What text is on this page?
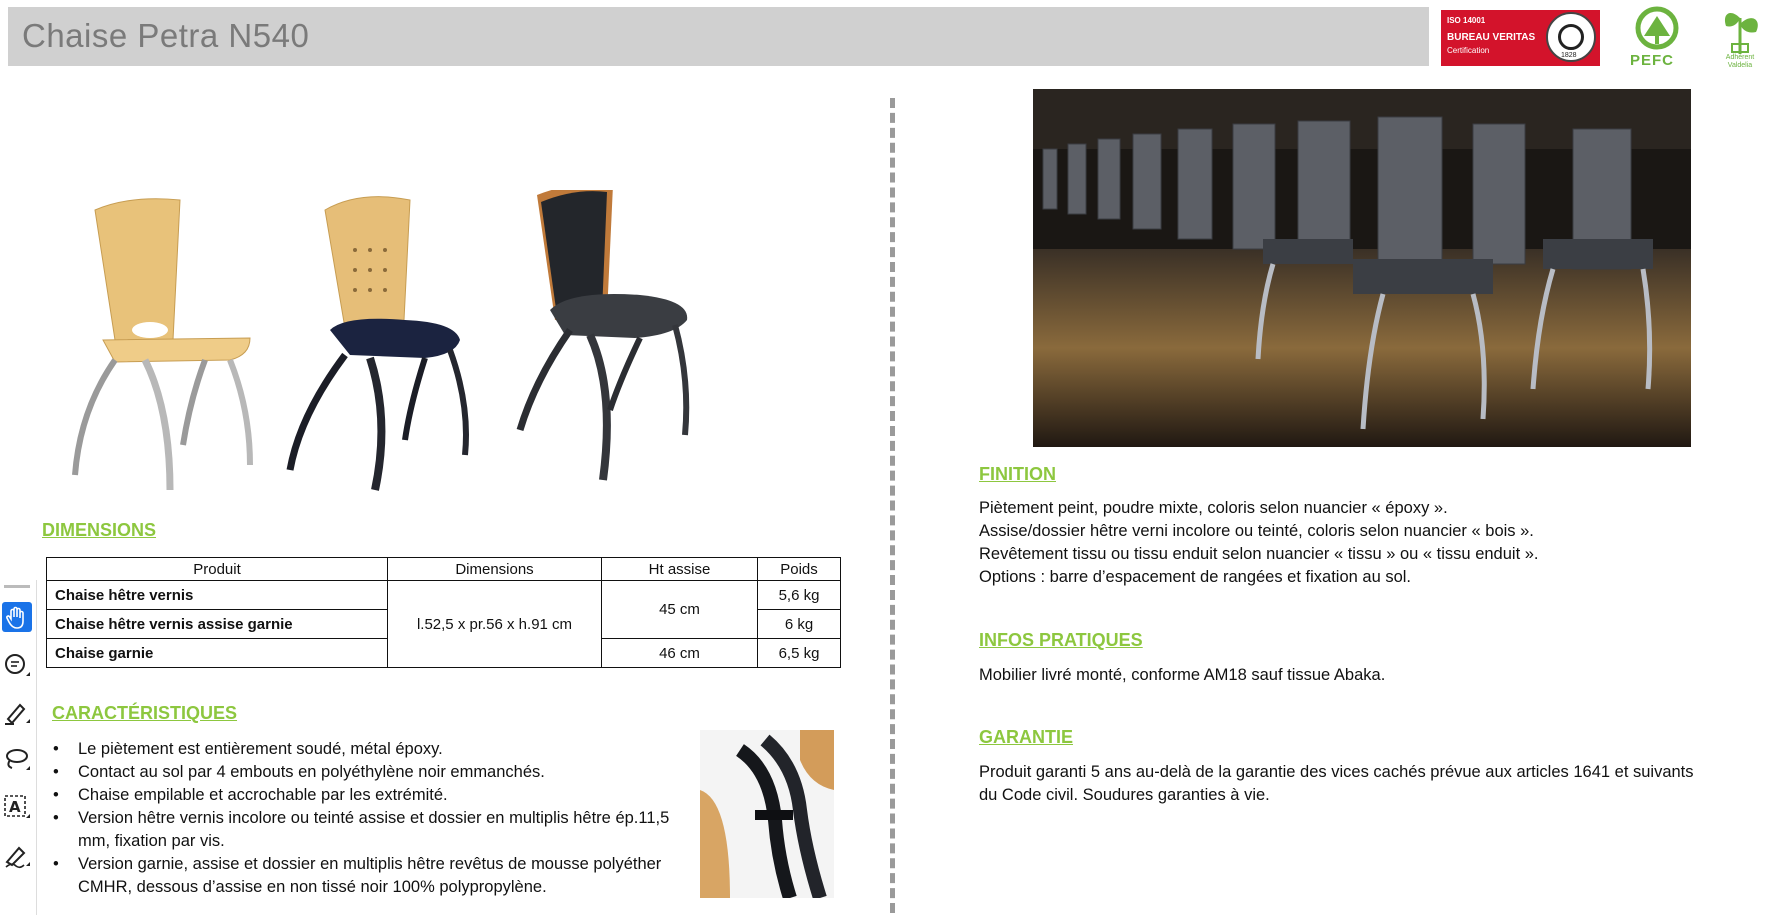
Chaise Petra N540	ISO 14001
BUREAU VERITAS
Certification
1828	PEFC	Adhérent
Valdelia
DIMENSIONS
Produit	Dimensions	Ht assise	Poids
Chaise hêtre vernis	l.52,5 x pr.56 x h.91 cm	45 cm	5,6 kg
Chaise hêtre vernis assise garnie			6 kg
Chaise garnie		46 cm	6,5 kg
CARACTÉRISTIQUES
• Le piètement est entièrement soudé, métal époxy.
• Contact au sol par 4 embouts en polyéthylène noir emmanchés.
• Chaise empilable et accrochable par les extrémité.
• Version hêtre vernis incolore ou teinté assise et dossier en multiplis hêtre ép.11,5 mm, fixation par vis.
• Version garnie, assise et dossier en multiplis hêtre revêtus de mousse polyéther CMHR, dessous d’assise en non tissé noir 100% polypropylène.
FINITION
Piètement peint, poudre mixte, coloris selon nuancier « époxy ».
Assise/dossier hêtre verni incolore ou teinté, coloris selon nuancier « bois ».
Revêtement tissu ou tissu enduit selon nuancier « tissu » ou « tissu enduit ».
Options : barre d’espacement de rangées et fixation au sol.
INFOS PRATIQUES
Mobilier livré monté, conforme AM18 sauf tissue Abaka.
GARANTIE
Produit garanti 5 ans au-delà de la garantie des vices cachés prévue aux articles 1641 et suivants
du Code civil. Soudures garanties à vie.
A
